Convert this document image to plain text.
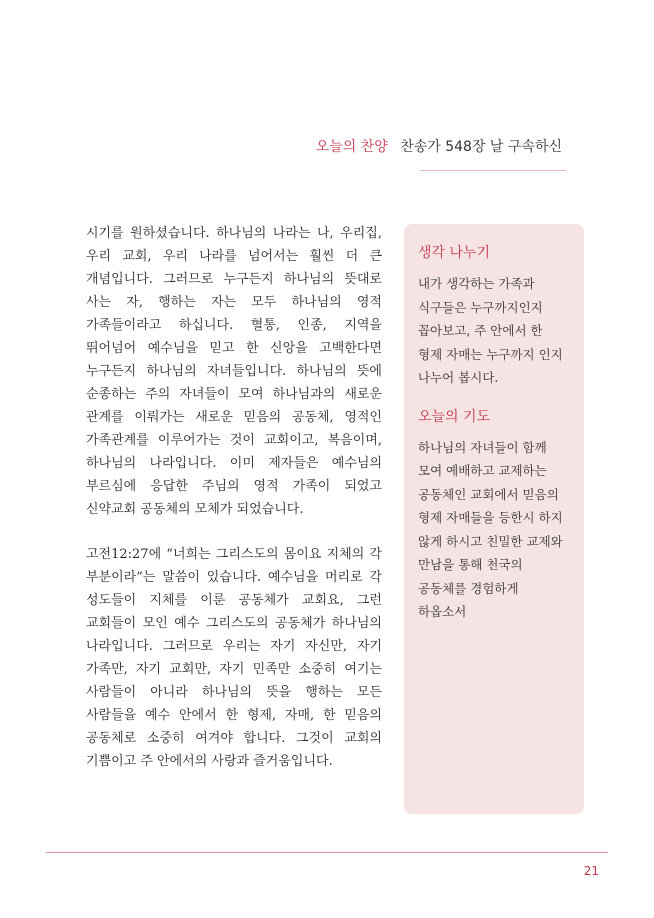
오늘의 찬양 찬송가 548장 날 구속하신

시기를 원하셨습니다. 하나님의 나라는 나, 우리집, 우리 교회, 우리 나라를 넘어서는 훨씬 더 큰 개념입니다. 그러므로 누구든지 하나님의 뜻대로 사는 자, 행하는 자는 모두 하나님의 영적 가족들이라고 하십니다. 혈통, 인종, 지역을 뛰어넘어 예수님을 믿고 한 신앙을 고백한다면 누구든지 하나님의 자녀들입니다. 하나님의 뜻에 순종하는 주의 자녀들이 모여 하나님과의 새로운 관계를 이뤄가는 새로운 믿음의 공동체, 영적인 가족관계를 이루어가는 것이 교회이고, 복음이며, 하나님의 나라입니다. 이미 제자들은 예수님의 부르심에 응답한 주님의 영적 가족이 되었고 신약교회 공동체의 모체가 되었습니다.

고전12:27에 “너희는 그리스도의 몸이요 지체의 각 부분이라”는 말씀이 있습니다. 예수님을 머리로 각 성도들이 지체를 이룬 공동체가 교회요, 그런 교회들이 모인 예수 그리스도의 공동체가 하나님의 나라입니다. 그러므로 우리는 자기 자신만, 자기 가족만, 자기 교회만, 자기 민족만 소중히 여기는 사람들이 아니라 하나님의 뜻을 행하는 모든 사람들을 예수 안에서 한 형제, 자매, 한 믿음의 공동체로 소중히 여겨야 합니다. 그것이 교회의 기쁨이고 주 안에서의 사랑과 즐거움입니다.

생각 나누기

내가 생각하는 가족과 식구들은 누구까지인지 꼽아보고, 주 안에서 한 형제 자매는 누구까지 인지 나누어 봅시다.

오늘의 기도

하나님의 자녀들이 함께 모여 예배하고 교제하는 공동체인 교회에서 믿음의 형제 자매들을 등한시 하지 않게 하시고 친밀한 교제와 만남을 통해 천국의 공동체를 경험하게 하옵소서

21
